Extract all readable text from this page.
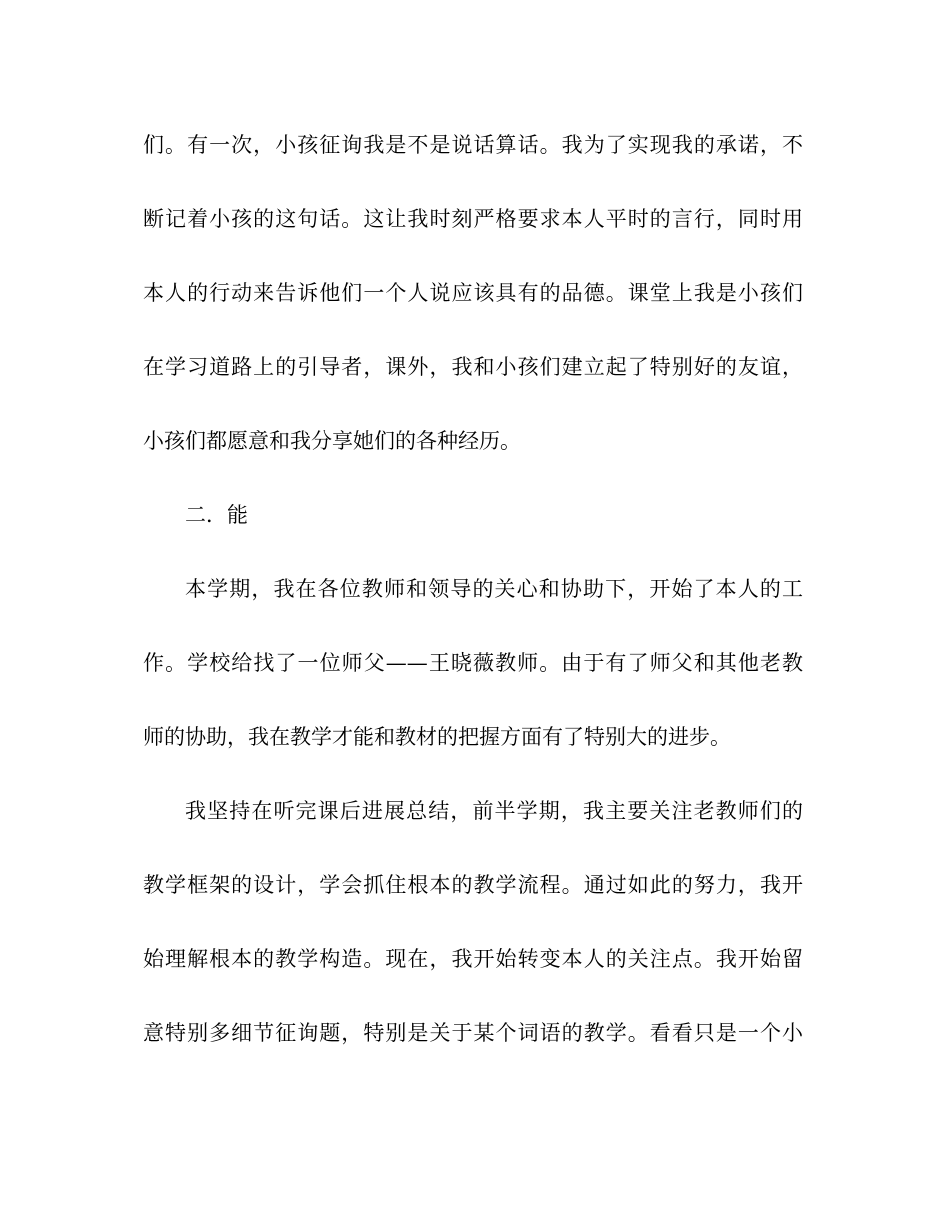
们。有一次，小孩征询我是不是说话算话。我为了实现我的承诺，不
断记着小孩的这句话。这让我时刻严格要求本人平时的言行，同时用
本人的行动来告诉他们一个人说应该具有的品德。课堂上我是小孩们
在学习道路上的引导者，课外，我和小孩们建立起了特别好的友谊，
小孩们都愿意和我分享她们的各种经历。
二．能
本学期，我在各位教师和领导的关心和协助下，开始了本人的工
作。学校给找了一位师父——王晓薇教师。由于有了师父和其他老教
师的协助，我在教学才能和教材的把握方面有了特别大的进步。
我坚持在听完课后进展总结，前半学期，我主要关注老教师们的
教学框架的设计，学会抓住根本的教学流程。通过如此的努力，我开
始理解根本的教学构造。现在，我开始转变本人的关注点。我开始留
意特别多细节征询题，特别是关于某个词语的教学。看看只是一个小
